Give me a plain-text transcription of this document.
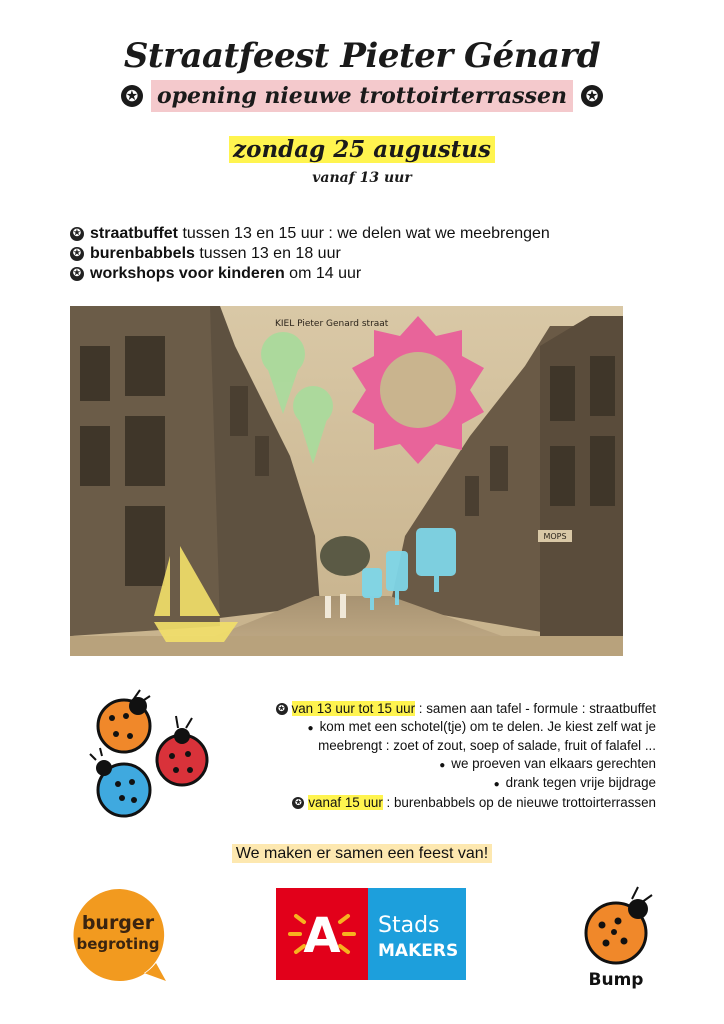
Straatfeest Pieter Génard
✪ opening nieuwe trottoirterrassen	✪
zondag 25 augustus
vanaf 13 uur
✪ straatbuffet tussen 13 en 15 uur : we delen wat we meebrengen
✪ burenbabbels tussen 13 en 18 uur
✪ workshops voor kinderen om 14 uur
MOPS
KIEL Pieter Genard straat
✪ van 13 uur tot 15 uur : samen aan tafel - formule : straatbuffet
● kom met een schotel(tje) om te delen. Je kiest zelf wat je
meebrengt : zoet of zout, soep of salade, fruit of falafel ...
● we proeven van elkaars gerechten
● drank tegen vrije bijdrage
✪ vanaf 15 uur : burenbabbels op de nieuwe trottoirterrassen
We maken er samen een feest van!
burger
begroting	A Stads
MAKERS
Bump
